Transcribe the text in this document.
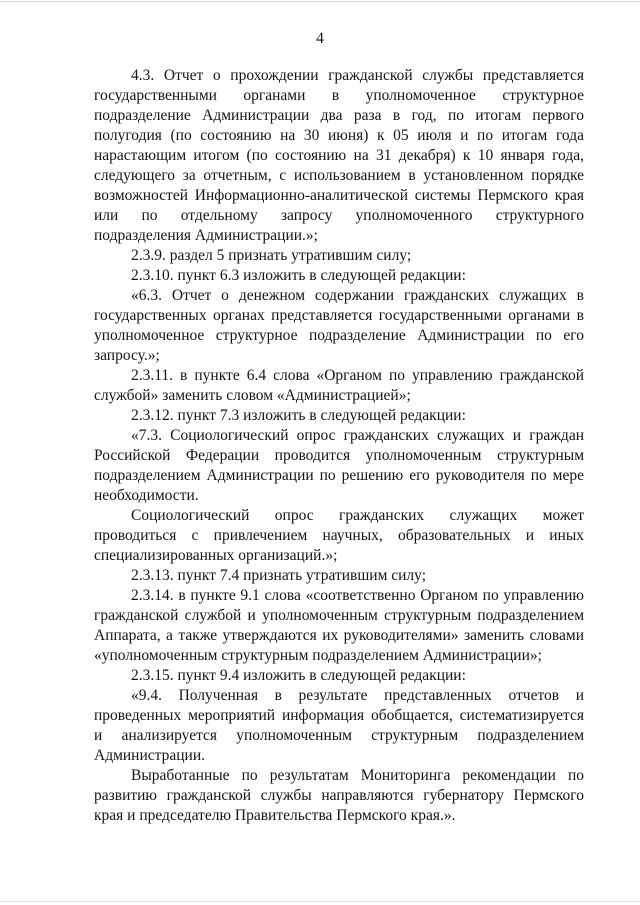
4

4.3. Отчет о прохождении гражданской службы представляется государственными органами в уполномоченное структурное подразделение Администрации два раза в год, по итогам первого полугодия (по состоянию на 30 июня) к 05 июля и по итогам года нарастающим итогом (по состоянию на 31 декабря) к 10 января года, следующего за отчетным, с использованием в установленном порядке возможностей Информационно-аналитической системы Пермского края или по отдельному запросу уполномоченного структурного подразделения Администрации.»;

2.3.9. раздел 5 признать утратившим силу;

2.3.10. пункт 6.3 изложить в следующей редакции:

«6.3. Отчет о денежном содержании гражданских служащих в государственных органах представляется государственными органами в уполномоченное структурное подразделение Администрации по его запросу.»;

2.3.11. в пункте 6.4 слова «Органом по управлению гражданской службой» заменить словом «Администрацией»;

2.3.12. пункт 7.3 изложить в следующей редакции:

«7.3. Социологический опрос гражданских служащих и граждан Российской Федерации проводится уполномоченным структурным подразделением Администрации по решению его руководителя по мере необходимости.

Социологический опрос гражданских служащих может проводиться с привлечением научных, образовательных и иных специализированных организаций.»;

2.3.13. пункт 7.4 признать утратившим силу;

2.3.14. в пункте 9.1 слова «соответственно Органом по управлению гражданской службой и уполномоченным структурным подразделением Аппарата, а также утверждаются их руководителями» заменить словами «уполномоченным структурным подразделением Администрации»;

2.3.15. пункт 9.4 изложить в следующей редакции:

«9.4. Полученная в результате представленных отчетов и проведенных мероприятий информация обобщается, систематизируется и анализируется уполномоченным структурным подразделением Администрации.

Выработанные по результатам Мониторинга рекомендации по развитию гражданской службы направляются губернатору Пермского края и председателю Правительства Пермского края.».
